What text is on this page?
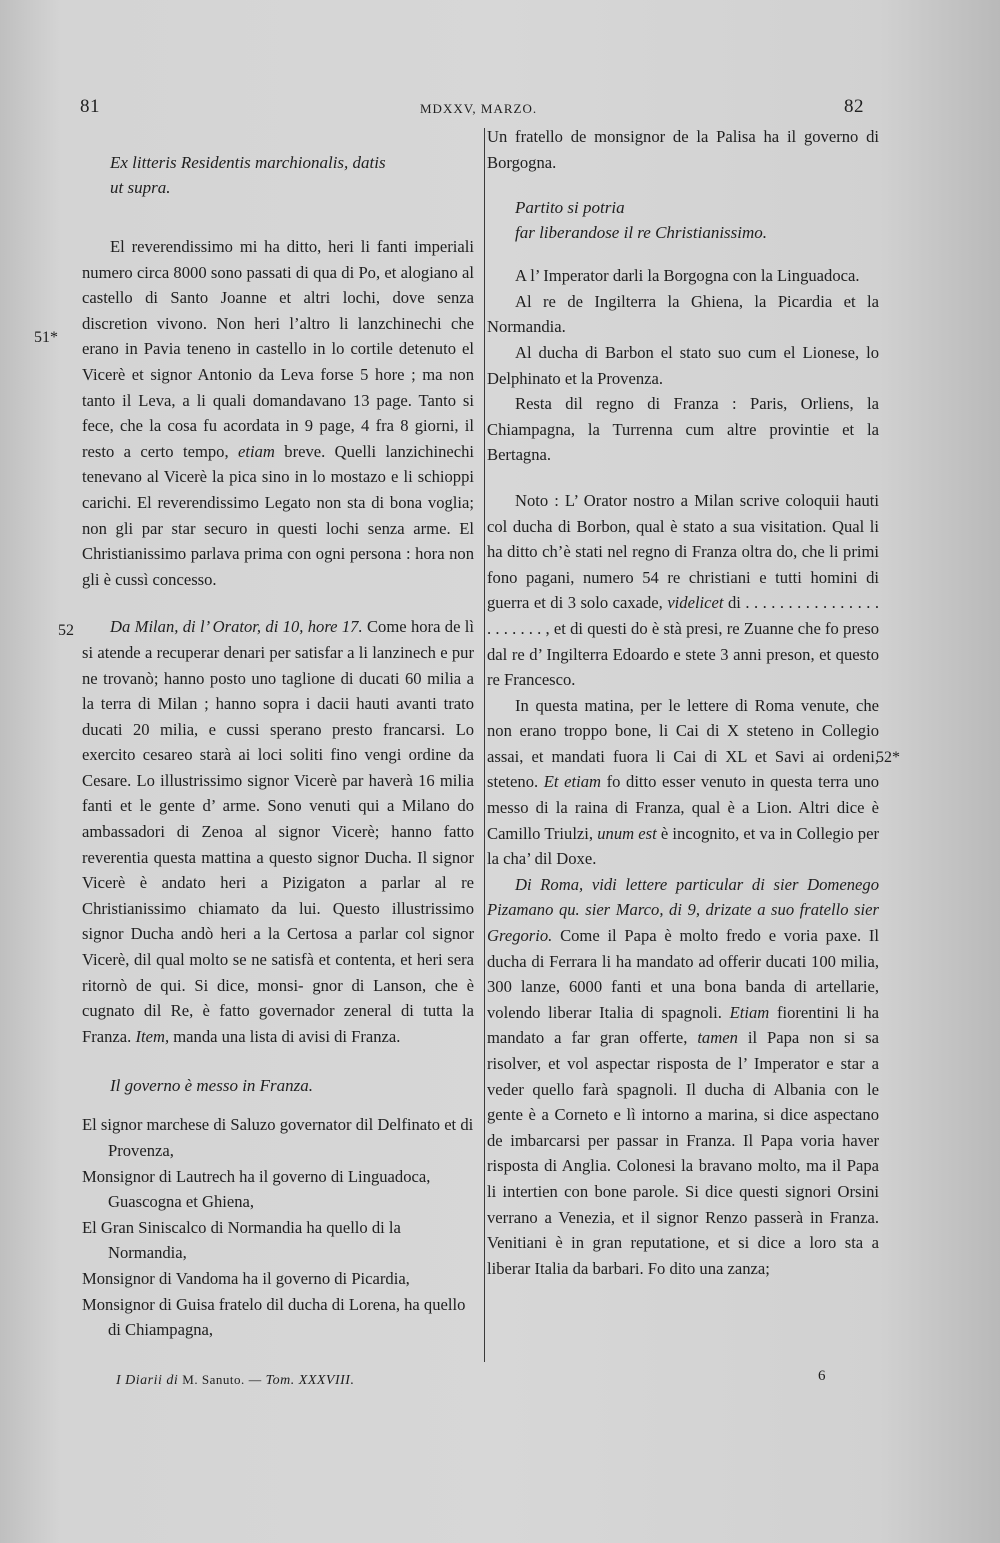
81	MDXXV, MARZO.	82
51*
52
52*

Ex litteris Residentis marchionalis, datis

ut supra.

El reverendissimo mi ha ditto, heri li fanti imperiali numero circa 8000 sono passati di qua di Po, et alogiano al castello di Santo Joanne et altri lochi, dove senza discretion vivono. Non heri l’altro li lanzchinechi che erano in Pavia teneno in castello in lo cortile detenuto el Vicerè et signor Antonio da Leva forse 5 hore ; ma non tanto il Leva, a li quali domandavano 13 page. Tanto si fece, che la cosa fu acordata in 9 page, 4 fra 8 giorni, il resto a certo tempo, etiam breve. Quelli lanzichinechi tenevano al Vicerè la pica sino in lo mostazo e li schioppi carichi. El reverendissimo Legato non sta di bona voglia; non gli par star securo in questi lochi senza arme. El Christianissimo parlava prima con ogni persona : hora non gli è cussì concesso.

Da Milan, di l’ Orator, di 10, hore 17. Come hora de lì si atende a recuperar denari per satisfar a li lanzinech e pur ne trovanò; hanno posto uno taglione di ducati 60 milia a la terra di Milan ; hanno sopra i dacii hauti avanti trato ducati 20 milia, e cussi sperano presto francarsi. Lo exercito cesareo starà ai loci soliti fino vengi ordine da Cesare. Lo illustrissimo signor Vicerè par haverà 16 milia fanti et le gente d’ arme. Sono venuti qui a Milano do ambassadori di Zenoa al signor Vicerè; hanno fatto reverentia questa mattina a questo signor Ducha. Il signor Vicerè è andato heri a Pizigaton a parlar al re Christianissimo chiamato da lui. Questo illustrissimo signor Ducha andò heri a la Certosa a parlar col signor Vicerè, dil qual molto se ne satisfà et contenta, et heri sera ritornò de qui. Si dice, monsi- gnor di Lanson, che è cugnato dil Re, è fatto governador zeneral di tutta la Franza. Item, manda una lista di avisi di Franza.

Il governo è messo in Franza.

El signor marchese di Saluzo governator dil Delfinato et di Provenza,

Monsignor di Lautrech ha il governo di Linguadoca, Guascogna et Ghiena,

El Gran Siniscalco di Normandia ha quello di la Normandia,

Monsignor di Vandoma ha il governo di Picardia,

Monsignor di Guisa fratelo dil ducha di Lorena, ha quello di Chiampagna,

Un fratello de monsignor de la Palisa ha il governo di Borgogna.

Partito si potria

far liberandose il re Christianissimo.

A l’ Imperator darli la Borgogna con la Linguadoca.

Al re de Ingilterra la Ghiena, la Picardia et la Normandia.

Al ducha di Barbon el stato suo cum el Lionese, lo Delphinato et la Provenza.

Resta dil regno di Franza : Paris, Orliens, la Chiampagna, la Turrenna cum altre provintie et la Bertagna.

Noto : L’ Orator nostro a Milan scrive coloquii hauti col ducha di Borbon, qual è stato a sua visitation. Qual li ha ditto ch’è stati nel regno di Franza oltra do, che li primi fono pagani, numero 54 re christiani e tutti homini di guerra et di 3 solo caxade, videlicet di . . . . . . . . . . . . . . . . . . . . . . . , et di questi do è stà presi, re Zuanne che fo preso dal re d’ Ingilterra Edoardo e stete 3 anni preson, et questo re Francesco.

In questa matina, per le lettere di Roma venute, che non erano troppo bone, li Cai di X steteno in Collegio assai, et mandati fuora li Cai di XL et Savi ai ordeni, steteno. Et etiam fo ditto esser venuto in questa terra uno messo di la raina di Franza, qual è a Lion. Altri dice è Camillo Triulzi, unum est è incognito, et va in Collegio per la cha’ dil Doxe.

Di Roma, vidi lettere particular di sier Domenego Pizamano qu. sier Marco, di 9, drizate a suo fratello sier Gregorio. Come il Papa è molto fredo e voria paxe. Il ducha di Ferrara li ha mandato ad offerir ducati 100 milia, 300 lanze, 6000 fanti et una bona banda di artellarie, volendo liberar Italia di spagnoli. Etiam fiorentini li ha mandato a far gran offerte, tamen il Papa non si sa risolver, et vol aspectar risposta de l’ Imperator e star a veder quello farà spagnoli. Il ducha di Albania con le gente è a Corneto e lì intorno a marina, si dice aspectano de imbarcarsi per passar in Franza. Il Papa voria haver risposta di Anglia. Colonesi la bravano molto, ma il Papa li intertien con bone parole. Si dice questi signori Orsini verrano a Venezia, et il signor Renzo passerà in Franza. Venitiani è in gran reputatione, et si dice a loro sta a liberar Italia da barbari. Fo dito una zanza;

I Diarii di M. Sanuto. — Tom. XXXVIII.	6
